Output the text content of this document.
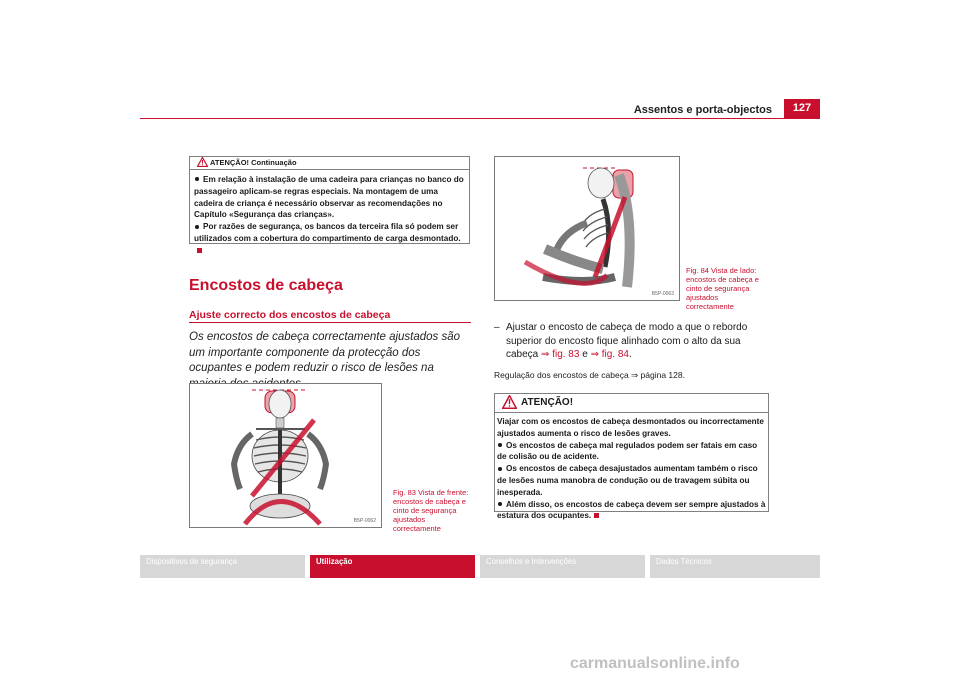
Assentos e porta-objectos	127
Em relação à instalação de uma cadeira para crianças no banco do passageiro aplicam-se regras especiais. Na montagem de uma cadeira de criança é necessário observar as recomendações no Capítulo «Segurança das crianças».
Por razões de segurança, os bancos da terceira fila só podem ser utilizados com a cobertura do compartimento de carga desmontado.
ATENÇÃO! Continuação
Encostos de cabeça
Ajuste correcto dos encostos de cabeça
Os encostos de cabeça correctamente ajustados são um importante componente da protecção dos ocupantes e podem reduzir o risco de lesões na
B5P-0062
Fig. 83 Vista de frente: encostos de cabeça e cinto de segurança ajustados correctamente
B5P-0063
Fig. 84 Vista de lado: encostos de cabeça e cinto de segurança ajustados correctamente
– Ajustar o encosto de cabeça de modo a que o rebordo superior do encosto fique alinhado com o alto da sua cabeça ⇒ fig. 83 e ⇒ fig. 84.
Regulação dos encostos de cabeça ⇒ página 128.
ATENÇÃO!
Viajar com os encostos de cabeça desmontados ou incorrectamente ajustados aumenta o risco de lesões graves.
Os encostos de cabeça mal regulados podem ser fatais em caso de colisão ou de acidente.
Os encostos de cabeça desajustados aumentam também o risco de lesões numa manobra de condução ou de travagem súbita ou inesperada.
Além disso, os encostos de cabeça devem ser sempre ajustados à estatura dos ocupantes.
Dispositivos de segurança	Utilização	Conselhos e Intervenções	Dados Técnicos
carmanualsonline.info
